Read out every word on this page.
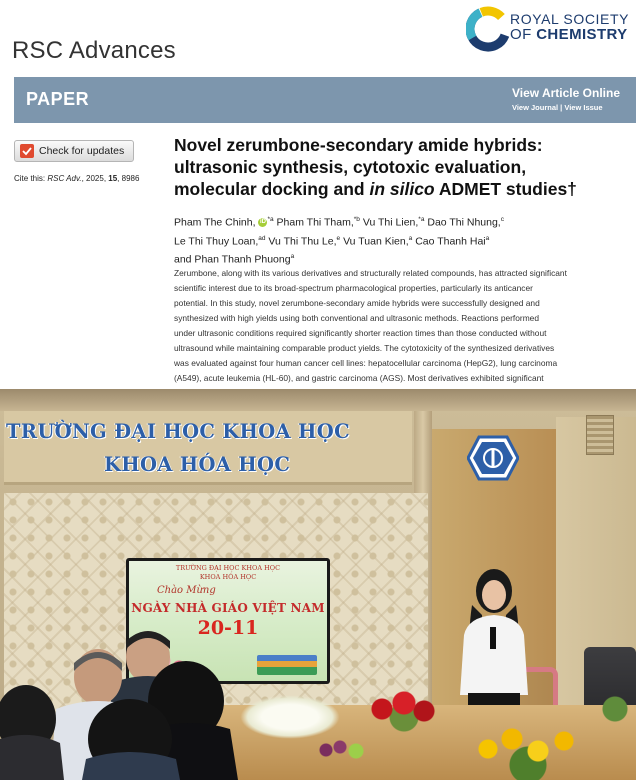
RSC Advances
ROYAL SOCIETY
OF CHEMISTRY
PAPER	View Article Online
View Journal | View Issue
Check for updates
Cite this: RSC Adv., 2025, 15, 8986
Novel zerumbone-secondary amide hybrids:
ultrasonic synthesis, cytotoxic evaluation,
molecular docking and in silico ADMET studies†
Pham The Chinh, iD $^{*a}$ Pham Thi Tham,$^{*b}$ Vu Thi Lien,$^{*a}$ Dao Thi Nhung,$^c$
Le Thi Thuy Loan,$^{ad}$ Vu Thi Thu Le,$^e$ Vu Tuan Kien,$^a$ Cao Thanh Hai$^a$
and Phan Thanh Phuong$^a$
Zerumbone, along with its various derivatives and structurally related compounds, has attracted significant
scientific interest due to its broad-spectrum pharmacological properties, particularly its anticancer
potential. In this study, novel zerumbone-secondary amide hybrids were successfully designed and
synthesized with high yields using both conventional and ultrasonic methods. Reactions performed
under ultrasonic conditions required significantly shorter reaction times than those conducted without
ultrasound while maintaining comparable product yields. The cytotoxicity of the synthesized derivatives
was evaluated against four human cancer cell lines: hepatocellular carcinoma (HepG2), lung carcinoma
(A549), acute leukemia (HL-60), and gastric carcinoma (AGS). Most derivatives exhibited significant
TRƯỜNG ĐẠI HỌC KHOA HỌC
KHOA HÓA HỌC
TRƯỜNG ĐẠI HỌC KHOA HỌC
KHOA HÓA HỌC
Chào Mừng
NGÀY NHÀ GIÁO VIỆT NAM
20-11
